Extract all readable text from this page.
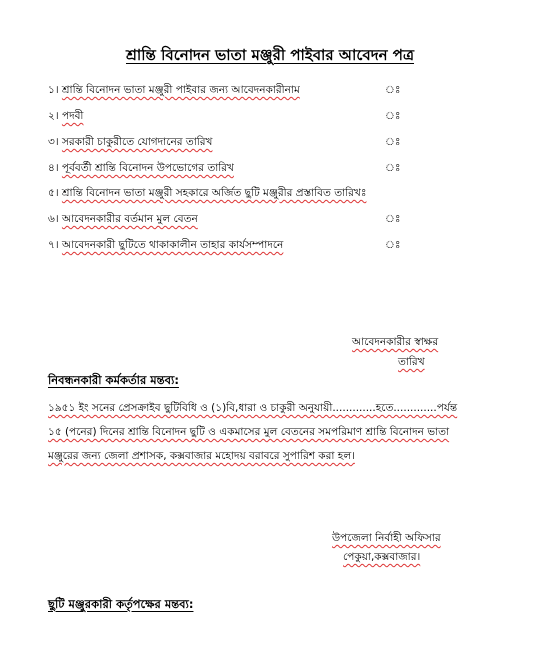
শ্রান্তি বিনোদন ভাতা মঞ্জুরী পাইবার আবেদন পত্র
১। শ্রান্তি বিনোদন ভাতা মঞ্জুরী পাইবার জন্য আবেদনকারীনাম	ঃ
২। পদবী	ঃ
৩। সরকারী চাকুরীতে যোগদানের তারিখ	ঃ
৪। পূর্ববর্তী শ্রান্তি বিনোদন উপভোগের তারিখ	ঃ
৫। শ্রান্তি বিনোদন ভাতা মঞ্জুরী সহকারে অর্জিত ছুটি মঞ্জুরীর প্রস্তাবিত তারিখঃ
৬। আবেদনকারীর বর্তমান মুল বেতন	ঃ
৭। আবেদনকারী ছুটিতে থাকাকালীন তাহার কার্যসম্পাদনে	ঃ
আবেদনকারীর স্বাক্ষর
তারিখ
নিবন্ধনকারী কর্মকর্তার মন্তব্য:
১৯৫১ ইং সনের প্রেসক্রাইব ছুটিবিধি ও (১)বি,ধারা ও চাকুরী অনুযায়ী.............হতে.............পর্যন্ত
১৫ (পনের) দিনের শ্রান্তি বিনোদন ছুটি ও একমাসের মুল বেতনের সমপরিমাণ শ্রান্তি বিনোদন ভাতা
মঞ্জুরের জন্য জেলা প্রশাসক, কক্সবাজার মহোদয় বরাবরে সুপারিশ করা হল।
উপজেলা নির্বাহী অফিসার
পেকুয়া,কক্সবাজার।
ছুটি মঞ্জুরকারী কর্তৃপক্ষের মন্তব্য:
